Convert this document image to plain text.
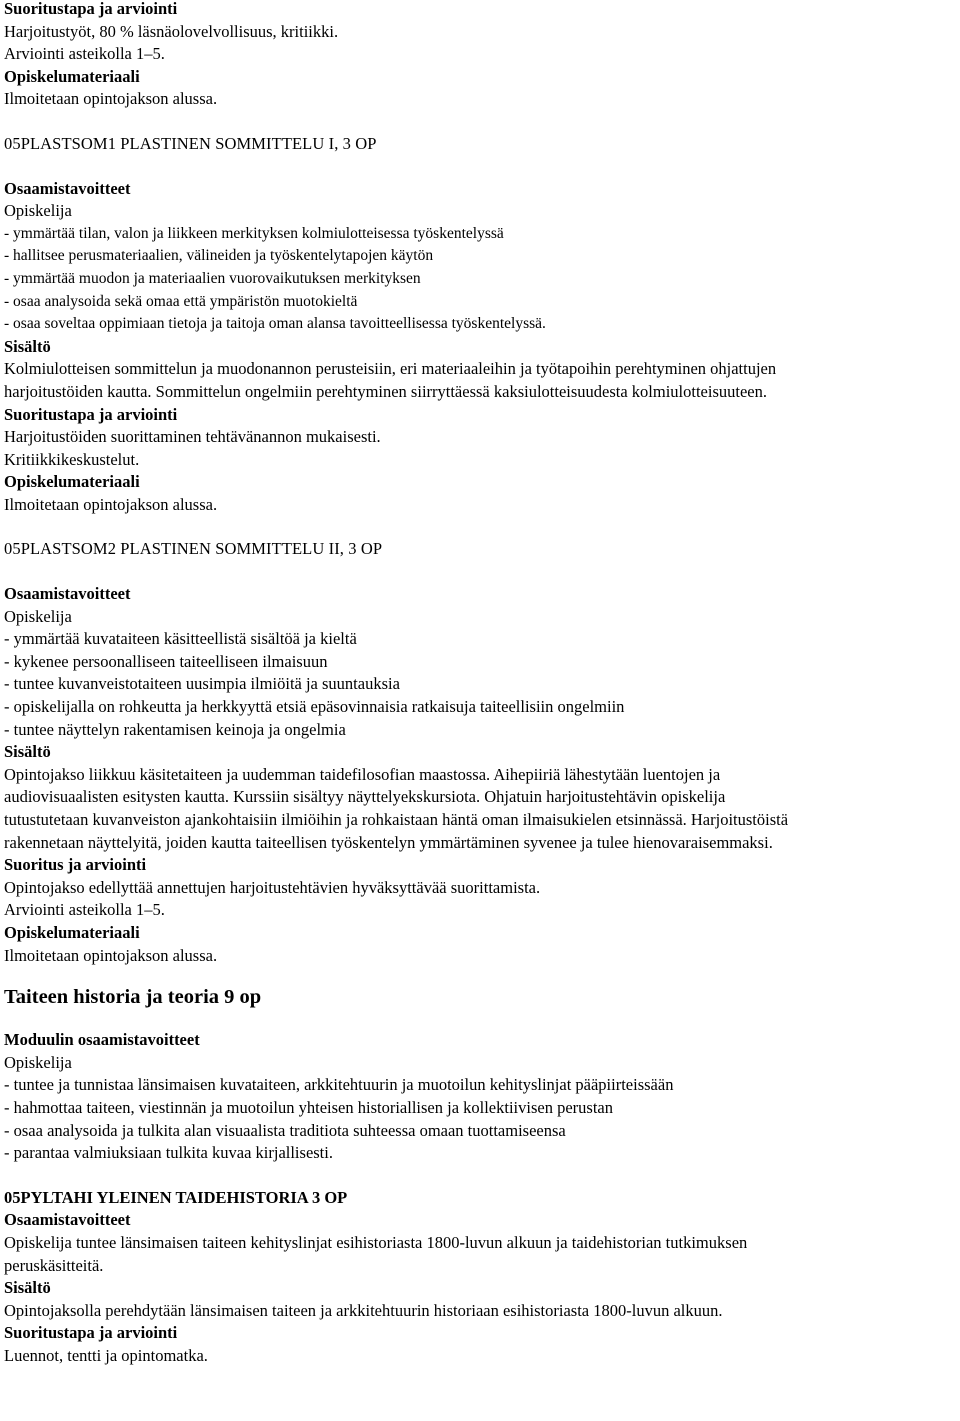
Suoritustapa ja arviointi

Harjoitustyöt, 80 % läsnäolovelvollisuus, kritiikki.

Arviointi asteikolla 1–5.

Opiskelumateriaali

Ilmoitetaan opintojakson alussa.

05PLASTSOM1 PLASTINEN SOMMITTELU I, 3 OP

Osaamistavoitteet

Opiskelija

- ymmärtää tilan, valon ja liikkeen merkityksen kolmiulotteisessa työskentelyssä

- hallitsee perusmateriaalien, välineiden ja työskentelytapojen käytön

- ymmärtää muodon ja materiaalien vuorovaikutuksen merkityksen

- osaa analysoida sekä omaa että ympäristön muotokieltä

- osaa soveltaa oppimiaan tietoja ja taitoja oman alansa tavoitteellisessa työskentelyssä.

Sisältö

Kolmiulotteisen sommittelun ja muodonannon perusteisiin, eri materiaaleihin ja työtapoihin perehtyminen ohjattujen

harjoitustöiden kautta. Sommittelun ongelmiin perehtyminen siirryttäessä kaksiulotteisuudesta kolmiulotteisuuteen.

Suoritustapa ja arviointi

Harjoitustöiden suorittaminen tehtävänannon mukaisesti.

Kritiikkikeskustelut.

Opiskelumateriaali

Ilmoitetaan opintojakson alussa.

05PLASTSOM2 PLASTINEN SOMMITTELU II, 3 OP

Osaamistavoitteet

Opiskelija

- ymmärtää kuvataiteen käsitteellistä sisältöä ja kieltä

- kykenee persoonalliseen taiteelliseen ilmaisuun

- tuntee kuvanveistotaiteen uusimpia ilmiöitä ja suuntauksia

- opiskelijalla on rohkeutta ja herkkyyttä etsiä epäsovinnaisia ratkaisuja taiteellisiin ongelmiin

- tuntee näyttelyn rakentamisen keinoja ja ongelmia

Sisältö

Opintojakso liikkuu käsitetaiteen ja uudemman taidefilosofian maastossa. Aihepiiriä lähestytään luentojen ja

audiovisuaalisten esitysten kautta. Kurssiin sisältyy näyttelyekskursiota. Ohjatuin harjoitustehtävin opiskelija

tutustutetaan kuvanveiston ajankohtaisiin ilmiöihin ja rohkaistaan häntä oman ilmaisukielen etsinnässä. Harjoitustöistä

rakennetaan näyttelyitä, joiden kautta taiteellisen työskentelyn ymmärtäminen syvenee ja tulee hienovaraisemmaksi.

Suoritus ja arviointi

Opintojakso edellyttää annettujen harjoitustehtävien hyväksyttävää suorittamista.

Arviointi asteikolla 1–5.

Opiskelumateriaali

Ilmoitetaan opintojakson alussa.

Taiteen historia ja teoria 9 op

Moduulin osaamistavoitteet

Opiskelija

- tuntee ja tunnistaa länsimaisen kuvataiteen, arkkitehtuurin ja muotoilun kehityslinjat pääpiirteissään

- hahmottaa taiteen, viestinnän ja muotoilun yhteisen historiallisen ja kollektiivisen perustan

- osaa analysoida ja tulkita alan visuaalista traditiota suhteessa omaan tuottamiseensa

- parantaa valmiuksiaan tulkita kuvaa kirjallisesti.

05PYLTAHI YLEINEN TAIDEHISTORIA 3 OP

Osaamistavoitteet

Opiskelija tuntee länsimaisen taiteen kehityslinjat esihistoriasta 1800-luvun alkuun ja taidehistorian tutkimuksen

peruskäsitteitä.

Sisältö

Opintojaksolla perehdytään länsimaisen taiteen ja arkkitehtuurin historiaan esihistoriasta 1800-luvun alkuun.

Suoritustapa ja arviointi

Luennot, tentti ja opintomatka.
